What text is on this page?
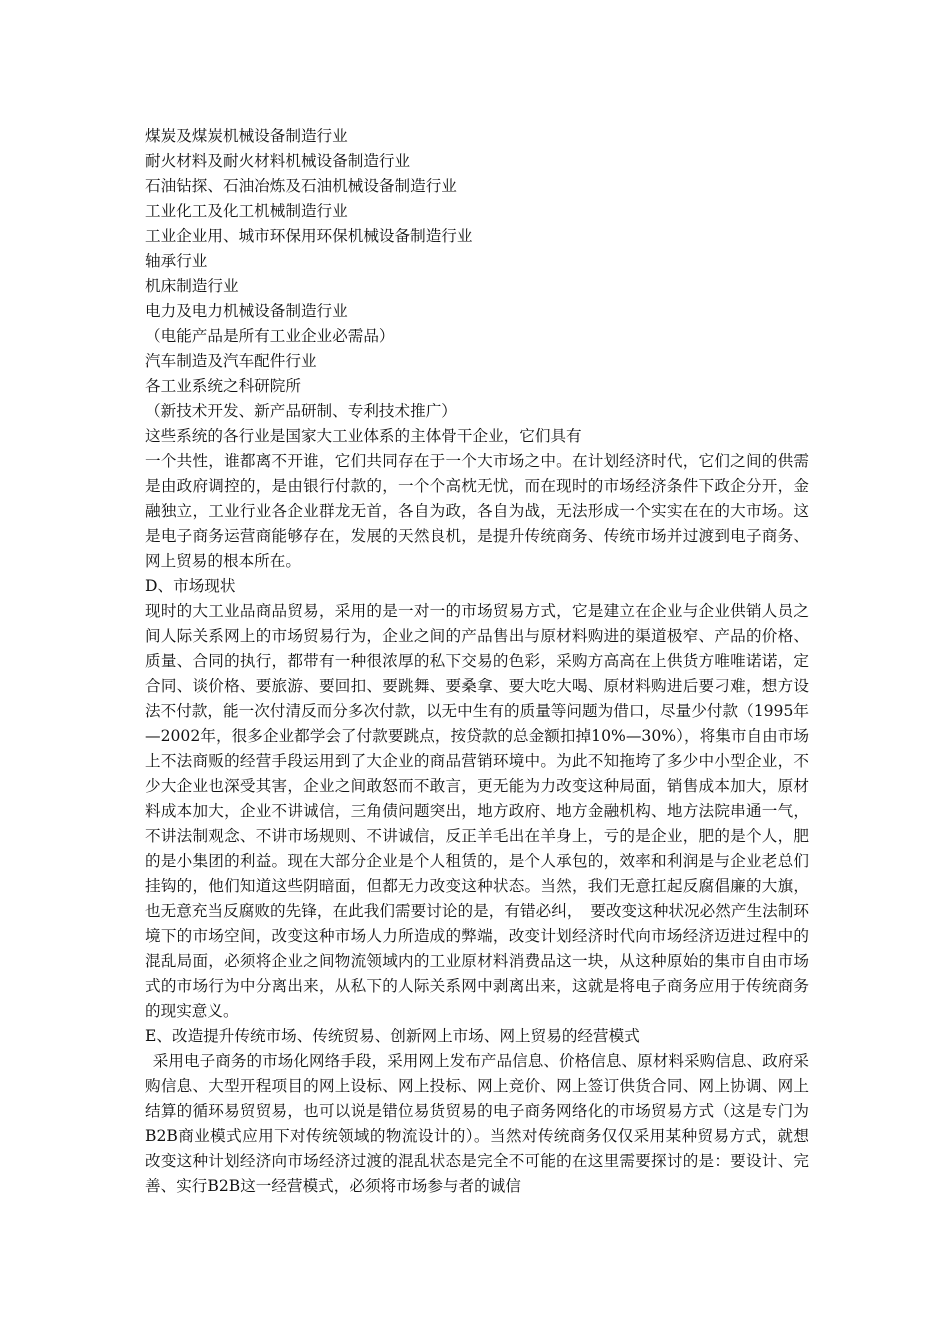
煤炭及煤炭机械设备制造行业
耐火材料及耐火材料机械设备制造行业
石油钻探、石油冶炼及石油机械设备制造行业
工业化工及化工机械制造行业
工业企业用、城市环保用环保机械设备制造行业
轴承行业
机床制造行业
电力及电力机械设备制造行业
（电能产品是所有工业企业必需品）
汽车制造及汽车配件行业
各工业系统之科研院所
（新技术开发、新产品研制、专利技术推广）
这些系统的各行业是国家大工业体系的主体骨干企业，它们具有

一个共性，谁都离不开谁，它们共同存在于一个大市场之中。在计划经济时代，它们之间的供需是由政府调控的，是由银行付款的，一个个高枕无忧，而在现时的市场经济条件下政企分开，金融独立，工业行业各企业群龙无首，各自为政，各自为战，无法形成一个实实在在的大市场。这是电子商务运营商能够存在，发展的天然良机，是提升传统商务、传统市场并过渡到电子商务、网上贸易的根本所在。

D、市场现状

现时的大工业品商品贸易，采用的是一对一的市场贸易方式，它是建立在企业与企业供销人员之间人际关系网上的市场贸易行为，企业之间的产品售出与原材料购进的渠道极窄、产品的价格、质量、合同的执行，都带有一种很浓厚的私下交易的色彩，采购方高高在上供货方唯唯诺诺，定合同、谈价格、要旅游、要回扣、要跳舞、要桑拿、要大吃大喝、原材料购进后要刁难，想方设法不付款，能一次付清反而分多次付款，以无中生有的质量等问题为借口，尽量少付款（1995年—2002年，很多企业都学会了付款要跳点，按贷款的总金额扣掉10%—30%），将集市自由市场上不法商贩的经营手段运用到了大企业的商品营销环境中。为此不知拖垮了多少中小型企业，不少大企业也深受其害，企业之间敢怒而不敢言，更无能为力改变这种局面，销售成本加大，原材料成本加大，企业不讲诚信，三角债问题突出，地方政府、地方金融机构、地方法院串通一气，不讲法制观念、不讲市场规则、不讲诚信，反正羊毛出在羊身上，亏的是企业，肥的是个人，肥的是小集团的利益。现在大部分企业是个人租赁的，是个人承包的，效率和利润是与企业老总们挂钩的，他们知道这些阴暗面，但都无力改变这种状态。当然，我们无意扛起反腐倡廉的大旗，也无意充当反腐败的先锋，在此我们需要讨论的是，有错必纠，　要改变这种状况必然产生法制环境下的市场空间，改变这种市场人力所造成的弊端，改变计划经济时代向市场经济迈进过程中的混乱局面，必须将企业之间物流领域内的工业原材料消费品这一块，从这种原始的集市自由市场式的市场行为中分离出来，从私下的人际关系网中剥离出来，这就是将电子商务应用于传统商务的现实意义。

E、改造提升传统市场、传统贸易、创新网上市场、网上贸易的经营模式

采用电子商务的市场化网络手段，采用网上发布产品信息、价格信息、原材料采购信息、政府采购信息、大型开程项目的网上设标、网上投标、网上竞价、网上签订供货合同、网上协调、网上结算的循环易贸贸易，也可以说是错位易货贸易的电子商务网络化的市场贸易方式（这是专门为B2B商业模式应用下对传统领域的物流设计的）。当然对传统商务仅仅采用某种贸易方式，就想改变这种计划经济向市场经济过渡的混乱状态是完全不可能的在这里需要探讨的是：要设计、完善、实行B2B这一经营模式，必须将市场参与者的诚信
